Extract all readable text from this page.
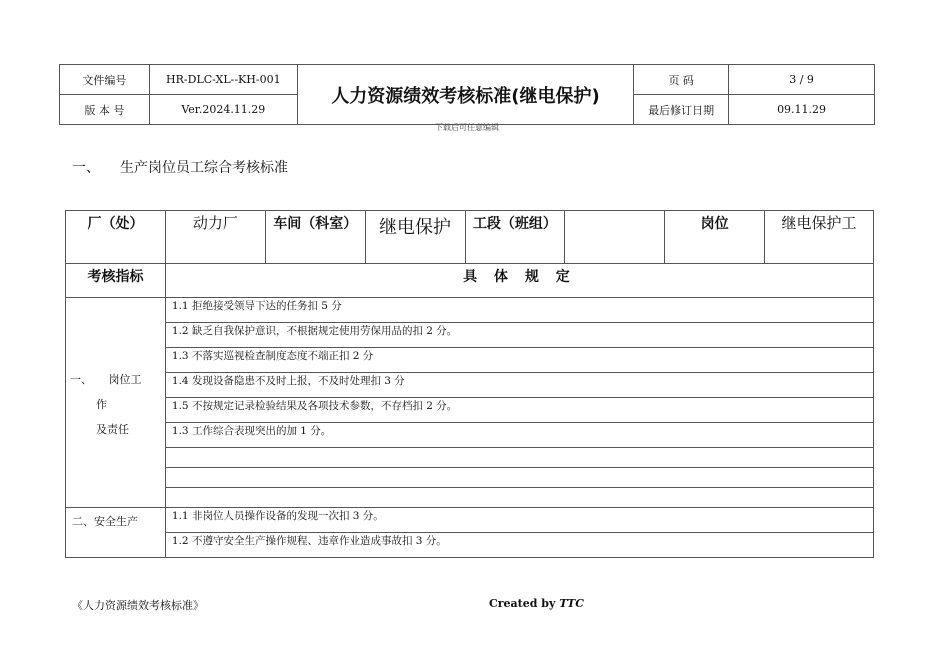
文件编号	HR-DLC-XL--KH-001	人力资源绩效考核标准(继电保护)	页 码	3 / 9
版 本 号	Ver.2024.11.29		最后修订日期	09.11.29
下载后可任意编辑
一、 生产岗位员工综合考核标准
厂（处）	动力厂	车间（科室）	继电保护	工段（班组）		岗位	继电保护工
考核指标	具 体 规 定						

一、　　岗位工
作
及责任	1.1 拒绝接受领导下达的任务扣 5 分						
	1.2 缺乏自我保护意识，不根据规定使用劳保用品的扣 2 分。						
	1.3 不落实巡视检查制度态度不端正扣 2 分						
	1.4 发现设备隐患不及时上报，不及时处理扣 3 分						
	1.5 不按规定记录检验结果及各项技术参数，不存档扣 2 分。						
	1.3 工作综合表现突出的加 1 分。						

二、安全生产	1.1 非岗位人员操作设备的发现一次扣 3 分。						
	1.2 不遵守安全生产操作规程、违章作业造成事故扣 3 分。						
《人力资源绩效考核标准》	Created by TTC
